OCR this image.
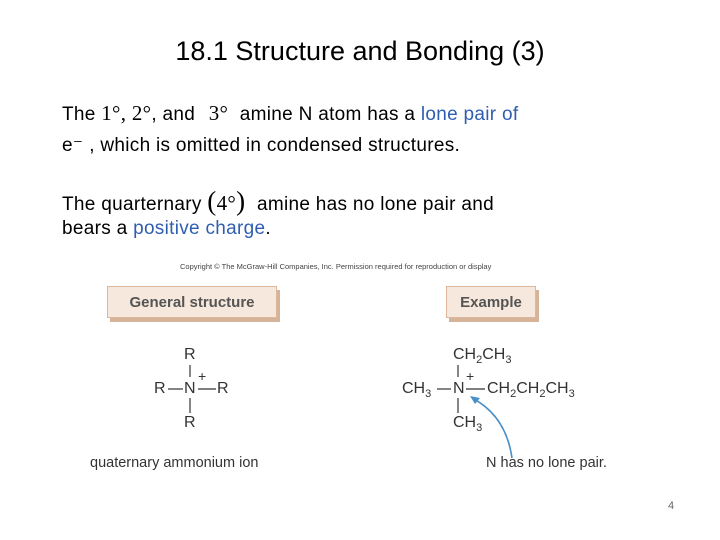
18.1 Structure and Bonding (3)
The 1°, 2°, and 3° amine N atom has a lone pair of
e⁻ , which is omitted in condensed structures.
The quarternary (4°) amine has no lone pair and
bears a positive charge.
Copyright © The McGraw-Hill Companies, Inc. Permission required for reproduction or display
General structure	Example
R
R N R
R
+
$CH_2CH_3$
$CH_3$ N $CH_2CH_2CH_3$
$CH_3$
+
quaternary ammonium ion	N has no lone pair.
4
